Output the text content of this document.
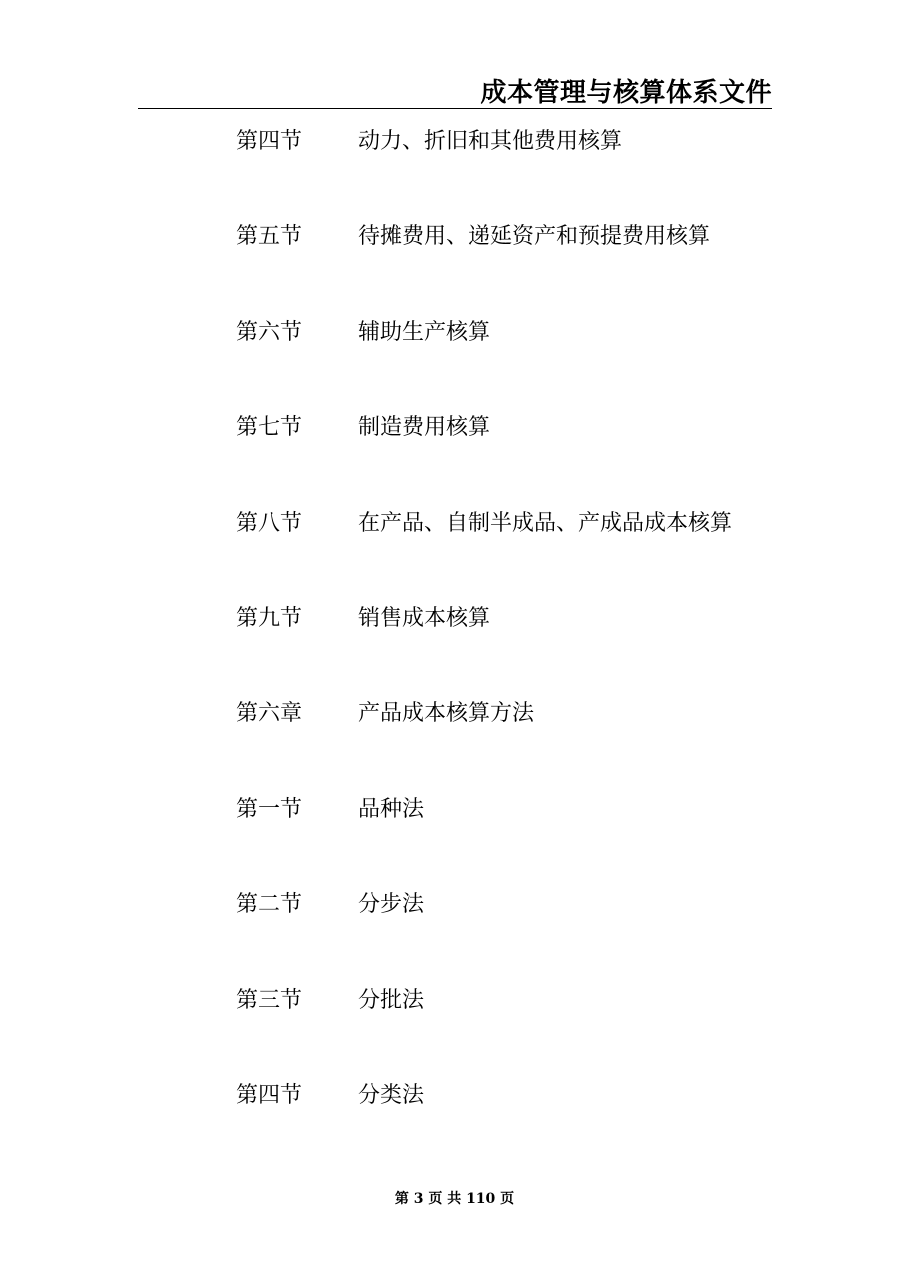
成本管理与核算体系文件
第四节	动力、折旧和其他费用核算
第五节	待摊费用、递延资产和预提费用核算
第六节	辅助生产核算
第七节	制造费用核算
第八节	在产品、自制半成品、产成品成本核算
第九节	销售成本核算
第六章	产品成本核算方法
第一节	品种法
第二节	分步法
第三节	分批法
第四节	分类法
第 3 页 共 110 页
